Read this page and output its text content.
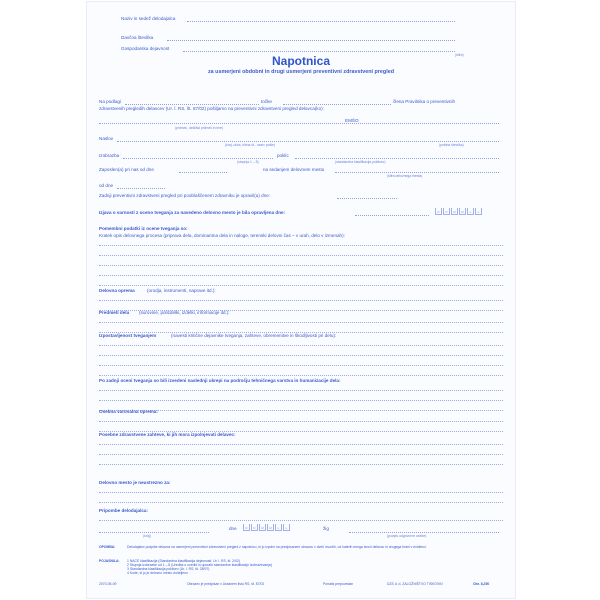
Naziv in sedež delodajalca
Davčna številka
Gospodarska dejavnost
(šifra)
Napotnica
za usmerjeni obdobni in drugi usmerjeni preventivni zdravstveni pregled
Na podlagi	točke	člena Pravilnika o preventivnih
zdravstvenih pregledih delavcev (Ur. l. RS, št. 87/02) pošiljamo na preventivni zdravstveni pregled delavca(ko):
(priimek, dekliški priimek in ime)
EMŠO
Naslov
(kraj, ulica, hišna št., naziv pošte)	(poštna številka)
Izobrazba
(stopnja 1 – 8)
poklic
(standardna klasifikacija poklicev)
Zaposlen(a) pri nas od dne	na sedanjem delovnem mestu
(šifra delovnega mesta)
od dne
Zadnji preventivni zdravstveni pregled pri pooblaščenem zdravniku je opravil(a) dne:
Izjava o varnosti z oceno tveganja za navedeno delovno mesto je bila opravljena dne:	D	D	M	M	L	L
Pomembni podatki iz ocene tveganja so:
Kratek opis delovnega procesa (priprava dela, dominantna dela in naloge, terenski delovni čas – v urah, delo v izmenah):
Delovna oprema	(orodja, instrumenti, naprave itd.):
Predmeti dela (surovine, polizdelki, izdelki, informacije itd.):
Izpostavljenost tveganjem	(navesti kritične dejavnike tveganja, zahteve, obremenitve in škodljivosti pri delu):
Po zadnji oceni tveganja so bili izvedeni naslednji ukrepi na področju tehničnega varstva in humanizacije dela:
Osebna varovalna oprema:
Posebne zdravstvene zahteve, ki jih mora izpolnjevati delavec:
Delovno mesto je neustrezno za:
Pripombe delodajalca:
(kraj)
dne	D	D	M	M	L	L	žig
(podpis odgovorne osebe)
OPOMBA:	Delodajalec podpiše delavca na usmerjeni preventivni zdravstveni pregled z napotnico, ki jo izpolni na predpisanem obrazcu v dveh izvodih, od katerih enega izroči delavcu in drugega hrani v evidenci.
POJASNILA: 1 NACE klasifikacija (Standardna klasifikacija dejavnosti, Ur. l. RS, št. 2/02)
2 Stopnja izobrazbe od 1 – 8 (Uredba o uvedbi in uporabi standardne klasifikacije izobraževanja)
3 Standardna klasifikacija poklicev (Ur. l. RS, št. 28/97)
4 Kode, ki jo je delovno mesto dodeljeno
2070-05-09	Obrazec je predpisan v Uradnem listu RS, št. 87/02	Ponatis prepovedan	DZS d. d. ZALOŽNIŠTVO TISKOVIN	Obr. 8,250
